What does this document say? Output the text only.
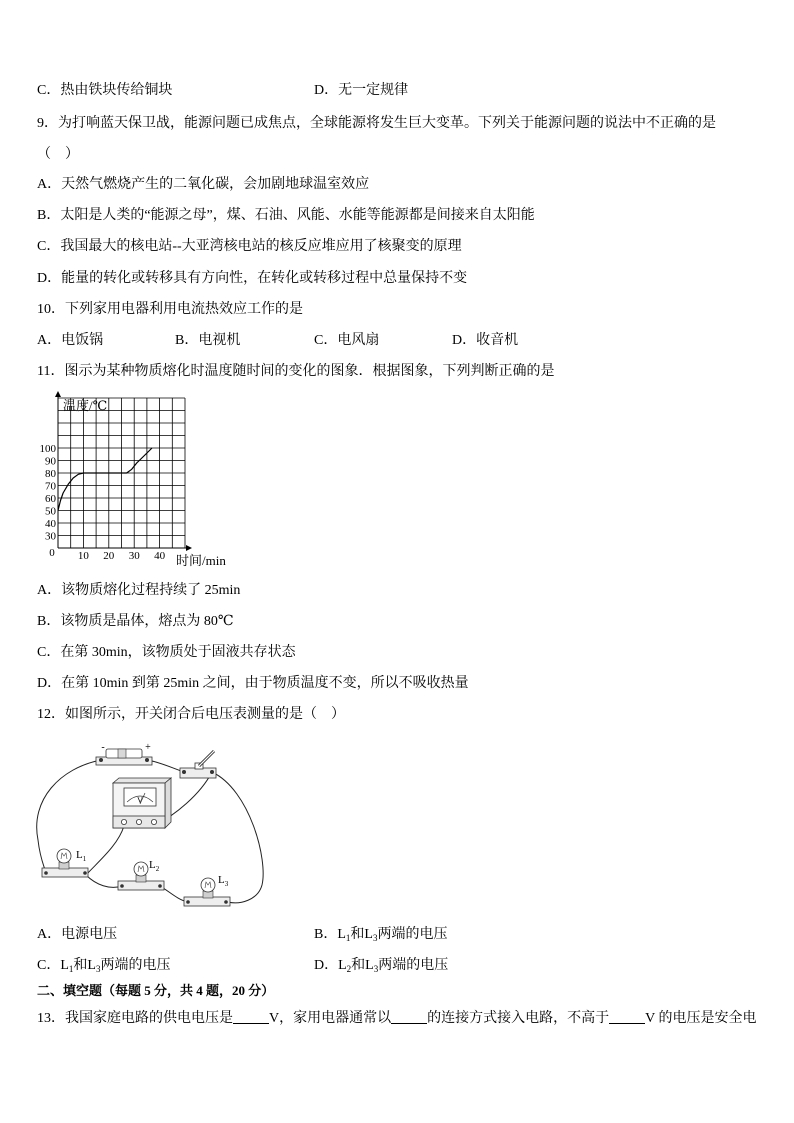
C．热由铁块传给铜块	D．无一定规律
9．为打响蓝天保卫战，能源问题已成焦点，全球能源将发生巨大变革。下列关于能源问题的说法中不正确的是
（　）
A．天然气燃烧产生的二氧化碳，会加剧地球温室效应
B．太阳是人类的“能源之母”，煤、石油、风能、水能等能源都是间接来自太阳能
C．我国最大的核电站--大亚湾核电站的核反应堆应用了核聚变的原理
D．能量的转化或转移具有方向性，在转化或转移过程中总量保持不变
10．下列家用电器利用电流热效应工作的是
A．电饭锅	B．电视机	C．电风扇	D．收音机
11．图示为某种物质熔化时温度随时间的变化的图象．根据图象，下列判断正确的是
30
40
50
60
70
80
90
100
10 20 30 40
0
温度/℃
时间/min
A．该物质熔化过程持续了 25min
B．该物质是晶体，熔点为 80℃
C．在第 30min，该物质处于固液共存状态
D．在第 10min 到第 25min 之间，由于物质温度不变，所以不吸收热量
12．如图所示，开关闭合后电压表测量的是（　）
-	+
V
$L_1$	$L_2$
$L_3$
A．电源电压	B．$L_1$和$L_3$两端的电压
C．$L_1$和$L_3$两端的电压	D．$L_2$和$L_3$两端的电压
二、填空题（每题 5 分，共 4 题，20 分）
13．我国家庭电路的供电电压是	V，家用电器通常以	的连接方式接入电路，不高于	V 的电压是安全电
